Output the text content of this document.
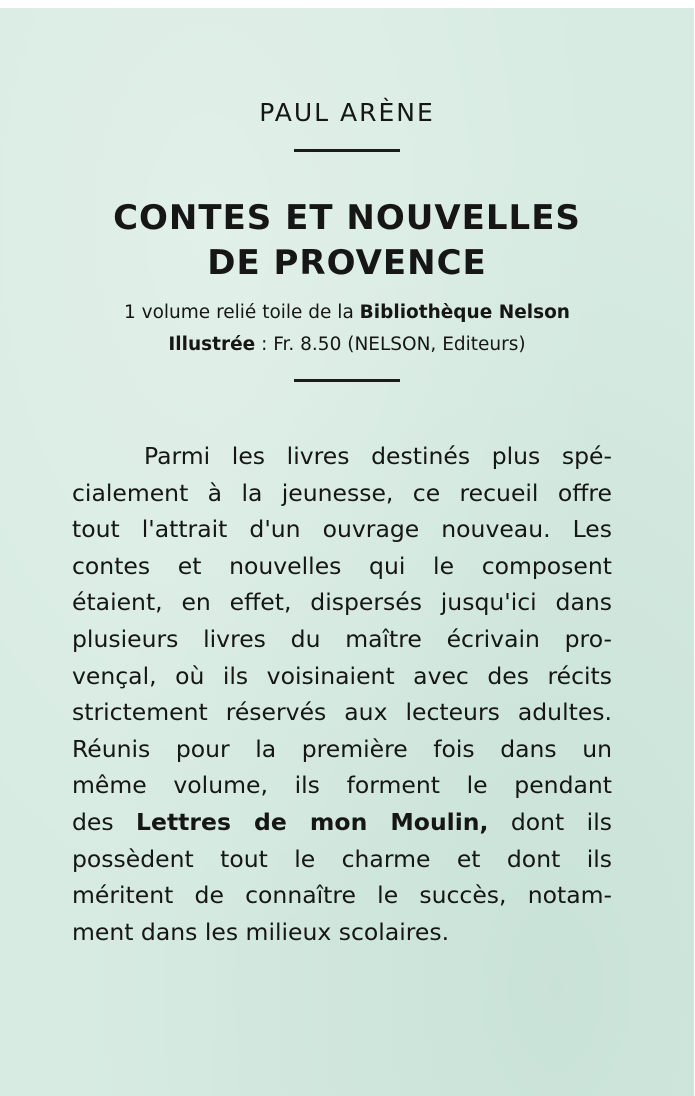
PAUL ARÈNE
CONTES ET NOUVELLES
DE PROVENCE

1 volume relié toile de la Bibliothèque Nelson
Illustrée : Fr. 8.50 (NELSON, Editeurs)

Parmi les livres destinés plus spé-
cialement à la jeunesse, ce recueil offre
tout l'attrait d'un ouvrage nouveau. Les
contes et nouvelles qui le composent
étaient, en effet, dispersés jusqu'ici dans
plusieurs livres du maître écrivain pro-
vençal, où ils voisinaient avec des récits
strictement réservés aux lecteurs adultes.
Réunis pour la première fois dans un
même volume, ils forment le pendant
des Lettres de mon Moulin, dont ils
possèdent tout le charme et dont ils
méritent de connaître le succès, notam-
ment dans les milieux scolaires.
